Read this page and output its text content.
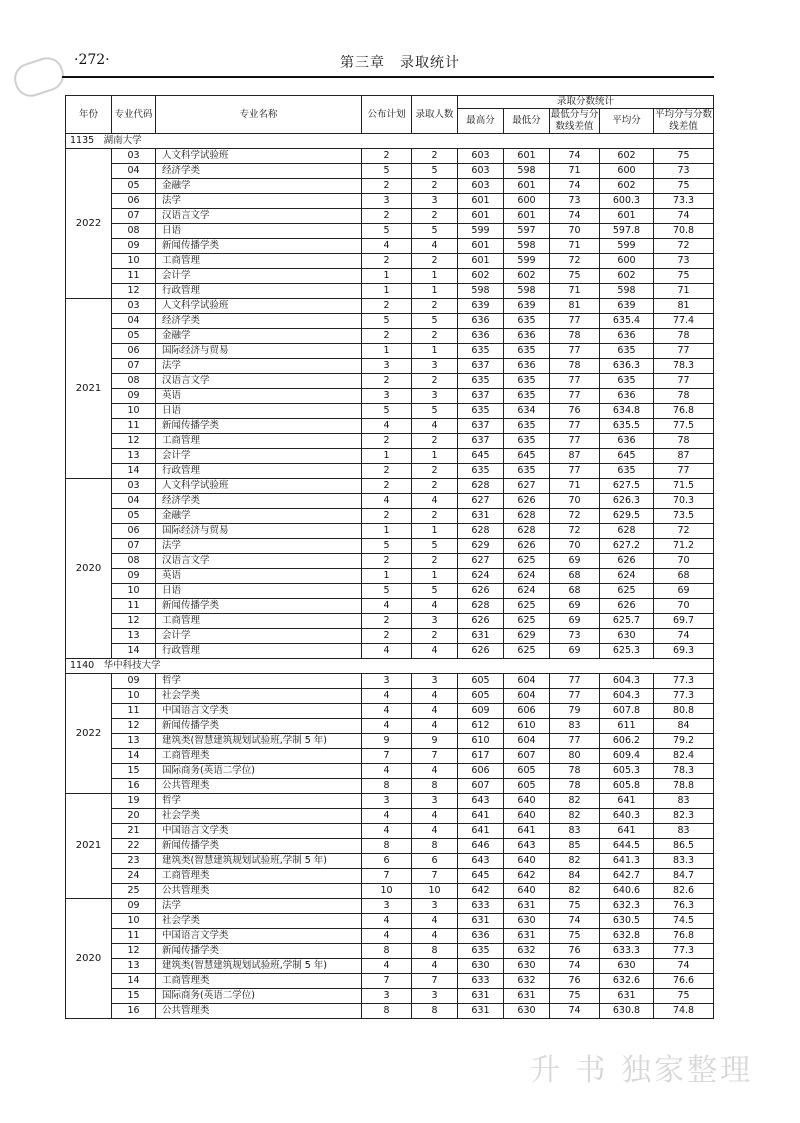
·272·	第三章　录取统计
年份	专业代码	专业名称	公布计划	录取人数	录取分数统计				
					最高分	最低分	最低分与分数线差值	平均分	平均分与分数线差值
1135　湖南大学									
2022	03	人文科学试验班	2	2	603	601	74	602	75
	04	经济学类	5	5	603	598	71	600	73
	05	金融学	2	2	603	601	74	602	75
	06	法学	3	3	601	600	73	600.3	73.3
	07	汉语言文学	2	2	601	601	74	601	74
	08	日语	5	5	599	597	70	597.8	70.8
	09	新闻传播学类	4	4	601	598	71	599	72
	10	工商管理	2	2	601	599	72	600	73
	11	会计学	1	1	602	602	75	602	75
	12	行政管理	1	1	598	598	71	598	71
2021	03	人文科学试验班	2	2	639	639	81	639	81
	04	经济学类	5	5	636	635	77	635.4	77.4
	05	金融学	2	2	636	636	78	636	78
	06	国际经济与贸易	1	1	635	635	77	635	77
	07	法学	3	3	637	636	78	636.3	78.3
	08	汉语言文学	2	2	635	635	77	635	77
	09	英语	3	3	637	635	77	636	78
	10	日语	5	5	635	634	76	634.8	76.8
	11	新闻传播学类	4	4	637	635	77	635.5	77.5
	12	工商管理	2	2	637	635	77	636	78
	13	会计学	1	1	645	645	87	645	87
	14	行政管理	2	2	635	635	77	635	77
2020	03	人文科学试验班	2	2	628	627	71	627.5	71.5
	04	经济学类	4	4	627	626	70	626.3	70.3
	05	金融学	2	2	631	628	72	629.5	73.5
	06	国际经济与贸易	1	1	628	628	72	628	72
	07	法学	5	5	629	626	70	627.2	71.2
	08	汉语言文学	2	2	627	625	69	626	70
	09	英语	1	1	624	624	68	624	68
	10	日语	5	5	626	624	68	625	69
	11	新闻传播学类	4	4	628	625	69	626	70
	12	工商管理	2	3	626	625	69	625.7	69.7
	13	会计学	2	2	631	629	73	630	74
	14	行政管理	4	4	626	625	69	625.3	69.3
1140　华中科技大学									
2022	09	哲学	3	3	605	604	77	604.3	77.3
	10	社会学类	4	4	605	604	77	604.3	77.3
	11	中国语言文学类	4	4	609	606	79	607.8	80.8
	12	新闻传播学类	4	4	612	610	83	611	84
	13	建筑类(智慧建筑规划试验班,学制 5 年)	9	9	610	604	77	606.2	79.2
	14	工商管理类	7	7	617	607	80	609.4	82.4
	15	国际商务(英语二学位)	4	4	606	605	78	605.3	78.3
	16	公共管理类	8	8	607	605	78	605.8	78.8
2021	19	哲学	3	3	643	640	82	641	83
	20	社会学类	4	4	641	640	82	640.3	82.3
	21	中国语言文学类	4	4	641	641	83	641	83
	22	新闻传播学类	8	8	646	643	85	644.5	86.5
	23	建筑类(智慧建筑规划试验班,学制 5 年)	6	6	643	640	82	641.3	83.3
	24	工商管理类	7	7	645	642	84	642.7	84.7
	25	公共管理类	10	10	642	640	82	640.6	82.6
2020	09	法学	3	3	633	631	75	632.3	76.3
	10	社会学类	4	4	631	630	74	630.5	74.5
	11	中国语言文学类	4	4	636	631	75	632.8	76.8
	12	新闻传播学类	8	8	635	632	76	633.3	77.3
	13	建筑类(智慧建筑规划试验班,学制 5 年)	4	4	630	630	74	630	74
	14	工商管理类	7	7	633	632	76	632.6	76.6
	15	国际商务(英语二学位)	3	3	631	631	75	631	75
	16	公共管理类	8	8	631	630	74	630.8	74.8
升 书 独家整理
